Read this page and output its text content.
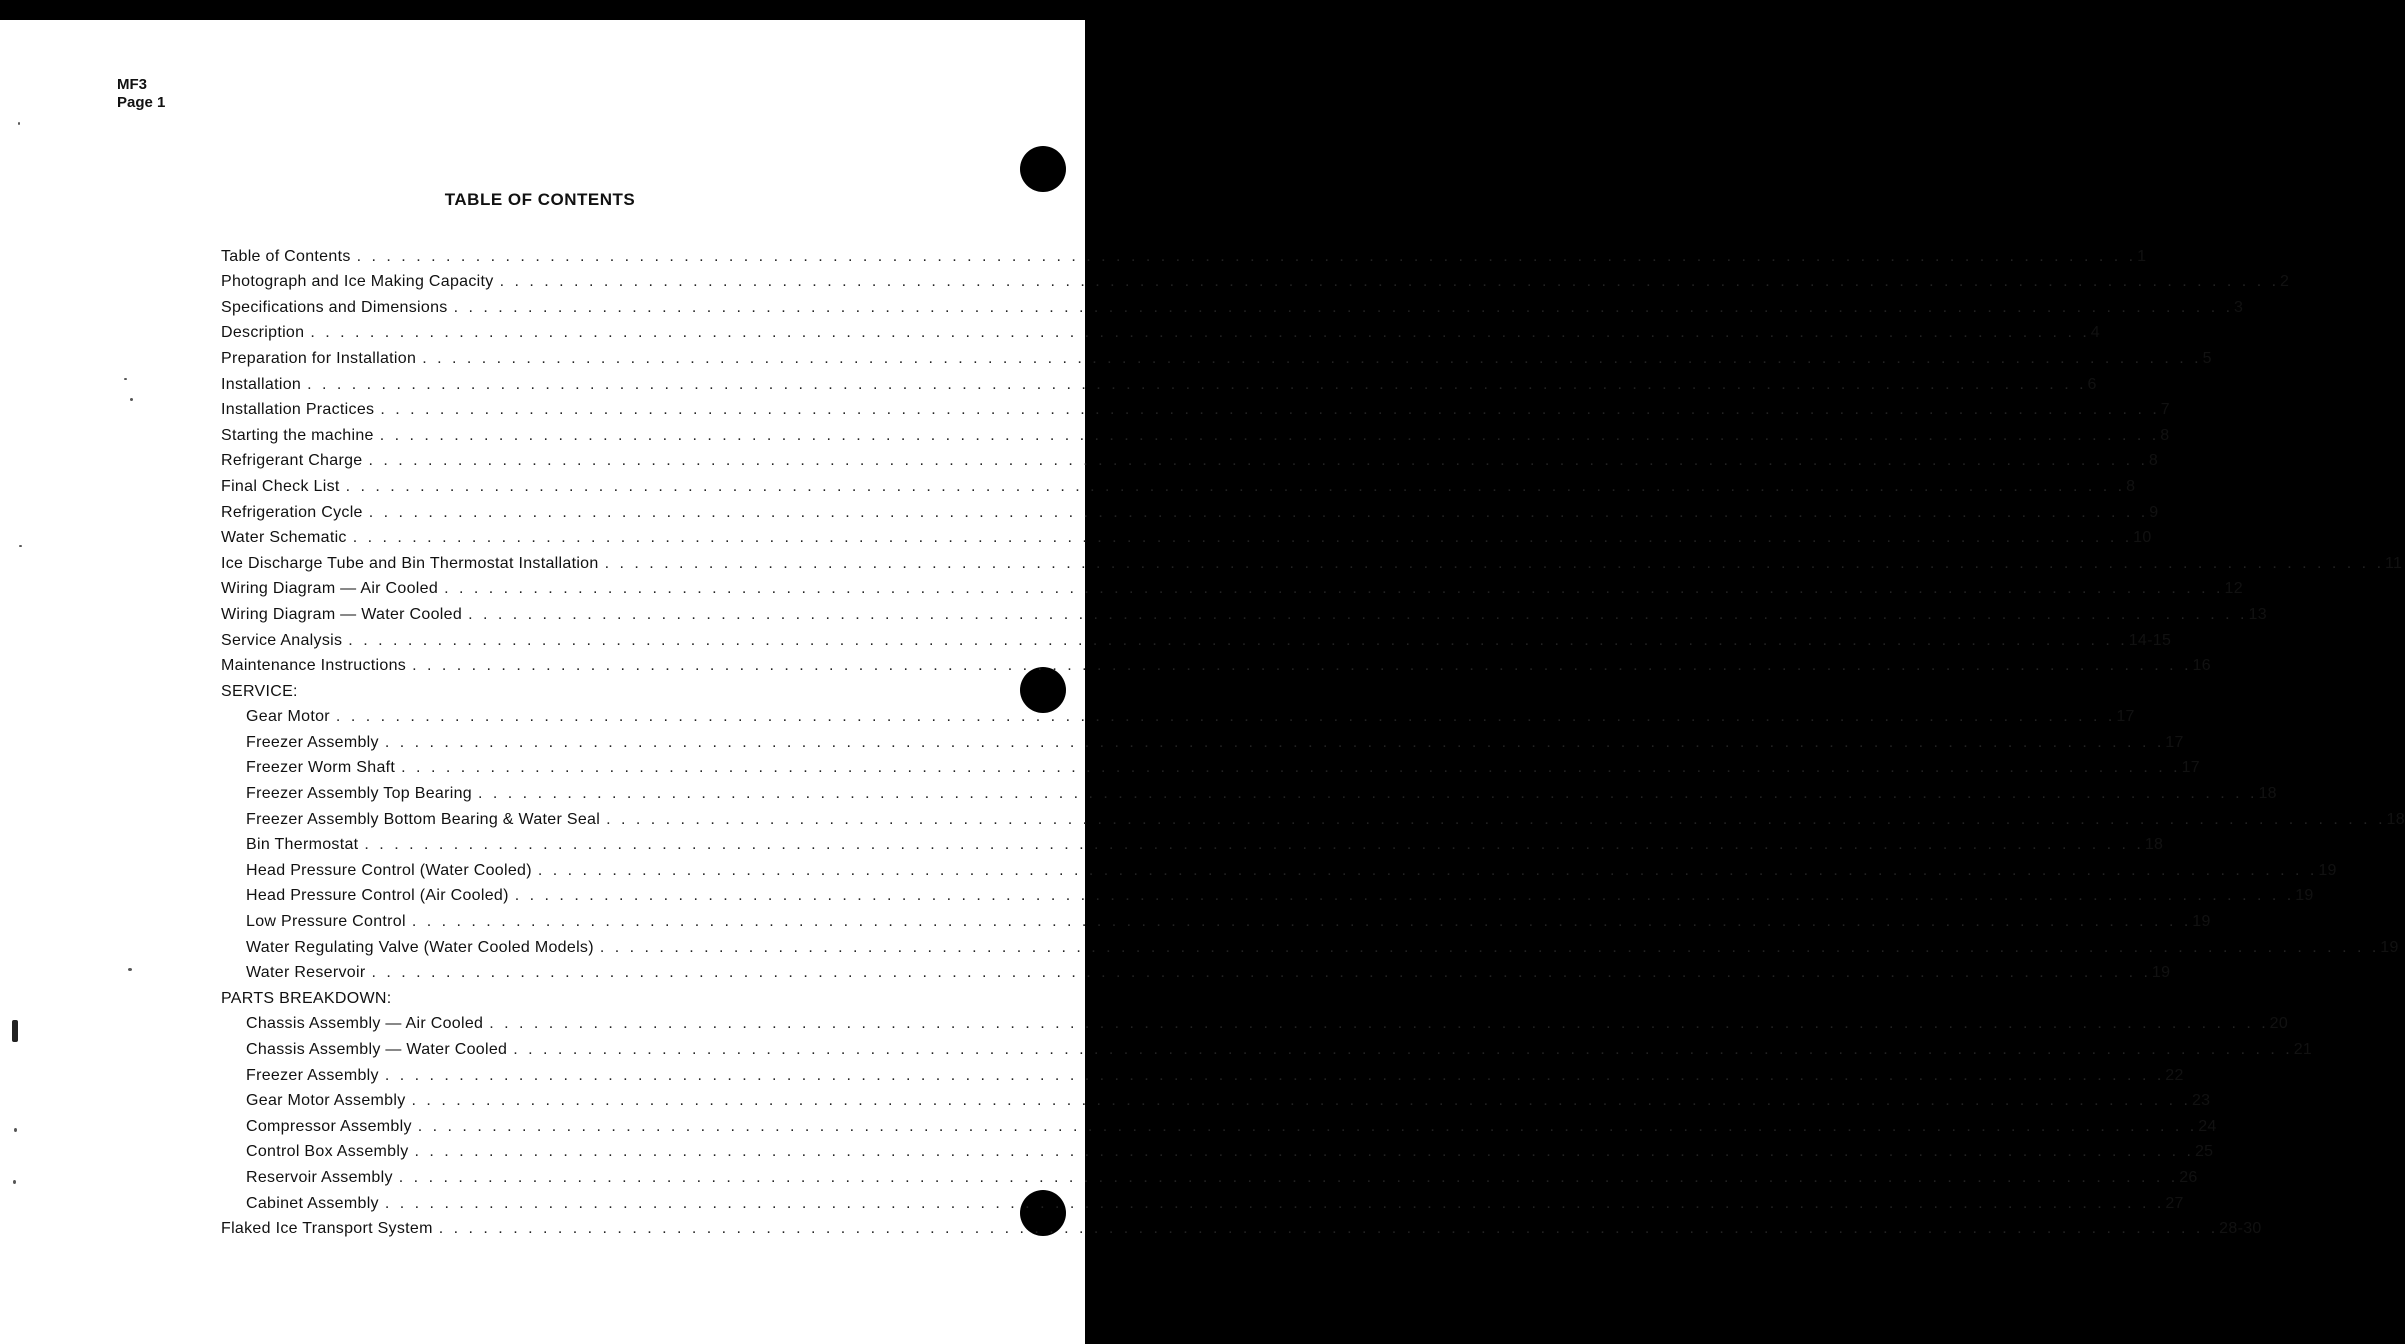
MF3
Page 1
TABLE OF CONTENTS
Table of Contents . . . . . . . . . . . . . . . . . . . . . . . . . . . . . . . . . . . . . . . . . . . . . . . . . . . . . . . . . . . . . . . . . . . . . . . . . . . . . . . . . . . . . . . . . . . . . . . . . . . . . . . . . . . . . . . . . . . . . . . . 1
Photograph and Ice Making Capacity . . . . . . . . . . . . . . . . . . . . . . . . . . . . . . . . . . . . . . . . . . . . . . . . . . . . . . . . . . . . . . . . . . . . . . . . . . . . . . . . . . . . . . . . . . . . . . . . . . . . . . . . . . . . . . . . . . . . . . . . 2
Specifications and Dimensions . . . . . . . . . . . . . . . . . . . . . . . . . . . . . . . . . . . . . . . . . . . . . . . . . . . . . . . . . . . . . . . . . . . . . . . . . . . . . . . . . . . . . . . . . . . . . . . . . . . . . . . . . . . . . . . . . . . . . . . . 3
Description . . . . . . . . . . . . . . . . . . . . . . . . . . . . . . . . . . . . . . . . . . . . . . . . . . . . . . . . . . . . . . . . . . . . . . . . . . . . . . . . . . . . . . . . . . . . . . . . . . . . . . . . . . . . . . . . . . . . . . . . 4
Preparation for Installation . . . . . . . . . . . . . . . . . . . . . . . . . . . . . . . . . . . . . . . . . . . . . . . . . . . . . . . . . . . . . . . . . . . . . . . . . . . . . . . . . . . . . . . . . . . . . . . . . . . . . . . . . . . . . . . . . . . . . . . . 5
Installation . . . . . . . . . . . . . . . . . . . . . . . . . . . . . . . . . . . . . . . . . . . . . . . . . . . . . . . . . . . . . . . . . . . . . . . . . . . . . . . . . . . . . . . . . . . . . . . . . . . . . . . . . . . . . . . . . . . . . . . . 6
Installation Practices . . . . . . . . . . . . . . . . . . . . . . . . . . . . . . . . . . . . . . . . . . . . . . . . . . . . . . . . . . . . . . . . . . . . . . . . . . . . . . . . . . . . . . . . . . . . . . . . . . . . . . . . . . . . . . . . . . . . . . . . 7
Starting the machine . . . . . . . . . . . . . . . . . . . . . . . . . . . . . . . . . . . . . . . . . . . . . . . . . . . . . . . . . . . . . . . . . . . . . . . . . . . . . . . . . . . . . . . . . . . . . . . . . . . . . . . . . . . . . . . . . . . . . . . . 8
Refrigerant Charge . . . . . . . . . . . . . . . . . . . . . . . . . . . . . . . . . . . . . . . . . . . . . . . . . . . . . . . . . . . . . . . . . . . . . . . . . . . . . . . . . . . . . . . . . . . . . . . . . . . . . . . . . . . . . . . . . . . . . . . . 8
Final Check List . . . . . . . . . . . . . . . . . . . . . . . . . . . . . . . . . . . . . . . . . . . . . . . . . . . . . . . . . . . . . . . . . . . . . . . . . . . . . . . . . . . . . . . . . . . . . . . . . . . . . . . . . . . . . . . . . . . . . . . . 8
Refrigeration Cycle . . . . . . . . . . . . . . . . . . . . . . . . . . . . . . . . . . . . . . . . . . . . . . . . . . . . . . . . . . . . . . . . . . . . . . . . . . . . . . . . . . . . . . . . . . . . . . . . . . . . . . . . . . . . . . . . . . . . . . . . 9
Water Schematic . . . . . . . . . . . . . . . . . . . . . . . . . . . . . . . . . . . . . . . . . . . . . . . . . . . . . . . . . . . . . . . . . . . . . . . . . . . . . . . . . . . . . . . . . . . . . . . . . . . . . . . . . . . . . . . . . . . . . . . . 10
Ice Discharge Tube and Bin Thermostat Installation . . . . . . . . . . . . . . . . . . . . . . . . . . . . . . . . . . . . . . . . . . . . . . . . . . . . . . . . . . . . . . . . . . . . . . . . . . . . . . . . . . . . . . . . . . . . . . . . . . . . . . . . . . . . . . . . . . . . . . . . 11
Wiring Diagram — Air Cooled . . . . . . . . . . . . . . . . . . . . . . . . . . . . . . . . . . . . . . . . . . . . . . . . . . . . . . . . . . . . . . . . . . . . . . . . . . . . . . . . . . . . . . . . . . . . . . . . . . . . . . . . . . . . . . . . . . . . . . . . 12
Wiring Diagram — Water Cooled . . . . . . . . . . . . . . . . . . . . . . . . . . . . . . . . . . . . . . . . . . . . . . . . . . . . . . . . . . . . . . . . . . . . . . . . . . . . . . . . . . . . . . . . . . . . . . . . . . . . . . . . . . . . . . . . . . . . . . . . 13
Service Analysis . . . . . . . . . . . . . . . . . . . . . . . . . . . . . . . . . . . . . . . . . . . . . . . . . . . . . . . . . . . . . . . . . . . . . . . . . . . . . . . . . . . . . . . . . . . . . . . . . . . . . . . . . . . . . . . . . . . . . . . . 14-15
Maintenance Instructions . . . . . . . . . . . . . . . . . . . . . . . . . . . . . . . . . . . . . . . . . . . . . . . . . . . . . . . . . . . . . . . . . . . . . . . . . . . . . . . . . . . . . . . . . . . . . . . . . . . . . . . . . . . . . . . . . . . . . . . . 16
SERVICE:
Gear Motor . . . . . . . . . . . . . . . . . . . . . . . . . . . . . . . . . . . . . . . . . . . . . . . . . . . . . . . . . . . . . . . . . . . . . . . . . . . . . . . . . . . . . . . . . . . . . . . . . . . . . . . . . . . . . . . . . . . . . . . . 17
Freezer Assembly . . . . . . . . . . . . . . . . . . . . . . . . . . . . . . . . . . . . . . . . . . . . . . . . . . . . . . . . . . . . . . . . . . . . . . . . . . . . . . . . . . . . . . . . . . . . . . . . . . . . . . . . . . . . . . . . . . . . . . . . 17
Freezer Worm Shaft . . . . . . . . . . . . . . . . . . . . . . . . . . . . . . . . . . . . . . . . . . . . . . . . . . . . . . . . . . . . . . . . . . . . . . . . . . . . . . . . . . . . . . . . . . . . . . . . . . . . . . . . . . . . . . . . . . . . . . . . 17
Freezer Assembly Top Bearing . . . . . . . . . . . . . . . . . . . . . . . . . . . . . . . . . . . . . . . . . . . . . . . . . . . . . . . . . . . . . . . . . . . . . . . . . . . . . . . . . . . . . . . . . . . . . . . . . . . . . . . . . . . . . . . . . . . . . . . . 18
Freezer Assembly Bottom Bearing & Water Seal . . . . . . . . . . . . . . . . . . . . . . . . . . . . . . . . . . . . . . . . . . . . . . . . . . . . . . . . . . . . . . . . . . . . . . . . . . . . . . . . . . . . . . . . . . . . . . . . . . . . . . . . . . . . . . . . . . . . . . . . 18
Bin Thermostat . . . . . . . . . . . . . . . . . . . . . . . . . . . . . . . . . . . . . . . . . . . . . . . . . . . . . . . . . . . . . . . . . . . . . . . . . . . . . . . . . . . . . . . . . . . . . . . . . . . . . . . . . . . . . . . . . . . . . . . . 18
Head Pressure Control (Water Cooled) . . . . . . . . . . . . . . . . . . . . . . . . . . . . . . . . . . . . . . . . . . . . . . . . . . . . . . . . . . . . . . . . . . . . . . . . . . . . . . . . . . . . . . . . . . . . . . . . . . . . . . . . . . . . . . . . . . . . . . . . 19
Head Pressure Control (Air Cooled) . . . . . . . . . . . . . . . . . . . . . . . . . . . . . . . . . . . . . . . . . . . . . . . . . . . . . . . . . . . . . . . . . . . . . . . . . . . . . . . . . . . . . . . . . . . . . . . . . . . . . . . . . . . . . . . . . . . . . . . . 19
Low Pressure Control . . . . . . . . . . . . . . . . . . . . . . . . . . . . . . . . . . . . . . . . . . . . . . . . . . . . . . . . . . . . . . . . . . . . . . . . . . . . . . . . . . . . . . . . . . . . . . . . . . . . . . . . . . . . . . . . . . . . . . . . 19
Water Regulating Valve (Water Cooled Models) . . . . . . . . . . . . . . . . . . . . . . . . . . . . . . . . . . . . . . . . . . . . . . . . . . . . . . . . . . . . . . . . . . . . . . . . . . . . . . . . . . . . . . . . . . . . . . . . . . . . . . . . . . . . . . . . . . . . . . . . 19
Water Reservoir . . . . . . . . . . . . . . . . . . . . . . . . . . . . . . . . . . . . . . . . . . . . . . . . . . . . . . . . . . . . . . . . . . . . . . . . . . . . . . . . . . . . . . . . . . . . . . . . . . . . . . . . . . . . . . . . . . . . . . . . 19
PARTS BREAKDOWN:
Chassis Assembly — Air Cooled . . . . . . . . . . . . . . . . . . . . . . . . . . . . . . . . . . . . . . . . . . . . . . . . . . . . . . . . . . . . . . . . . . . . . . . . . . . . . . . . . . . . . . . . . . . . . . . . . . . . . . . . . . . . . . . . . . . . . . . . 20
Chassis Assembly — Water Cooled . . . . . . . . . . . . . . . . . . . . . . . . . . . . . . . . . . . . . . . . . . . . . . . . . . . . . . . . . . . . . . . . . . . . . . . . . . . . . . . . . . . . . . . . . . . . . . . . . . . . . . . . . . . . . . . . . . . . . . . . 21
Freezer Assembly . . . . . . . . . . . . . . . . . . . . . . . . . . . . . . . . . . . . . . . . . . . . . . . . . . . . . . . . . . . . . . . . . . . . . . . . . . . . . . . . . . . . . . . . . . . . . . . . . . . . . . . . . . . . . . . . . . . . . . . . 22
Gear Motor Assembly . . . . . . . . . . . . . . . . . . . . . . . . . . . . . . . . . . . . . . . . . . . . . . . . . . . . . . . . . . . . . . . . . . . . . . . . . . . . . . . . . . . . . . . . . . . . . . . . . . . . . . . . . . . . . . . . . . . . . . . . 23
Compressor Assembly . . . . . . . . . . . . . . . . . . . . . . . . . . . . . . . . . . . . . . . . . . . . . . . . . . . . . . . . . . . . . . . . . . . . . . . . . . . . . . . . . . . . . . . . . . . . . . . . . . . . . . . . . . . . . . . . . . . . . . . . 24
Control Box Assembly . . . . . . . . . . . . . . . . . . . . . . . . . . . . . . . . . . . . . . . . . . . . . . . . . . . . . . . . . . . . . . . . . . . . . . . . . . . . . . . . . . . . . . . . . . . . . . . . . . . . . . . . . . . . . . . . . . . . . . . . 25
Reservoir Assembly . . . . . . . . . . . . . . . . . . . . . . . . . . . . . . . . . . . . . . . . . . . . . . . . . . . . . . . . . . . . . . . . . . . . . . . . . . . . . . . . . . . . . . . . . . . . . . . . . . . . . . . . . . . . . . . . . . . . . . . . 26
Cabinet Assembly . . . . . . . . . . . . . . . . . . . . . . . . . . . . . . . . . . . . . . . . . . . . . . . . . . . . . . . . . . . . . . . . . . . . . . . . . . . . . . . . . . . . . . . . . . . . . . . . . . . . . . . . . . . . . . . . . . . . . . . . 27
Flaked Ice Transport System . . . . . . . . . . . . . . . . . . . . . . . . . . . . . . . . . . . . . . . . . . . . . . . . . . . . . . . . . . . . . . . . . . . . . . . . . . . . . . . . . . . . . . . . . . . . . . . . . . . . . . . . . . . . . . . . . . . . . . . . 28-30
